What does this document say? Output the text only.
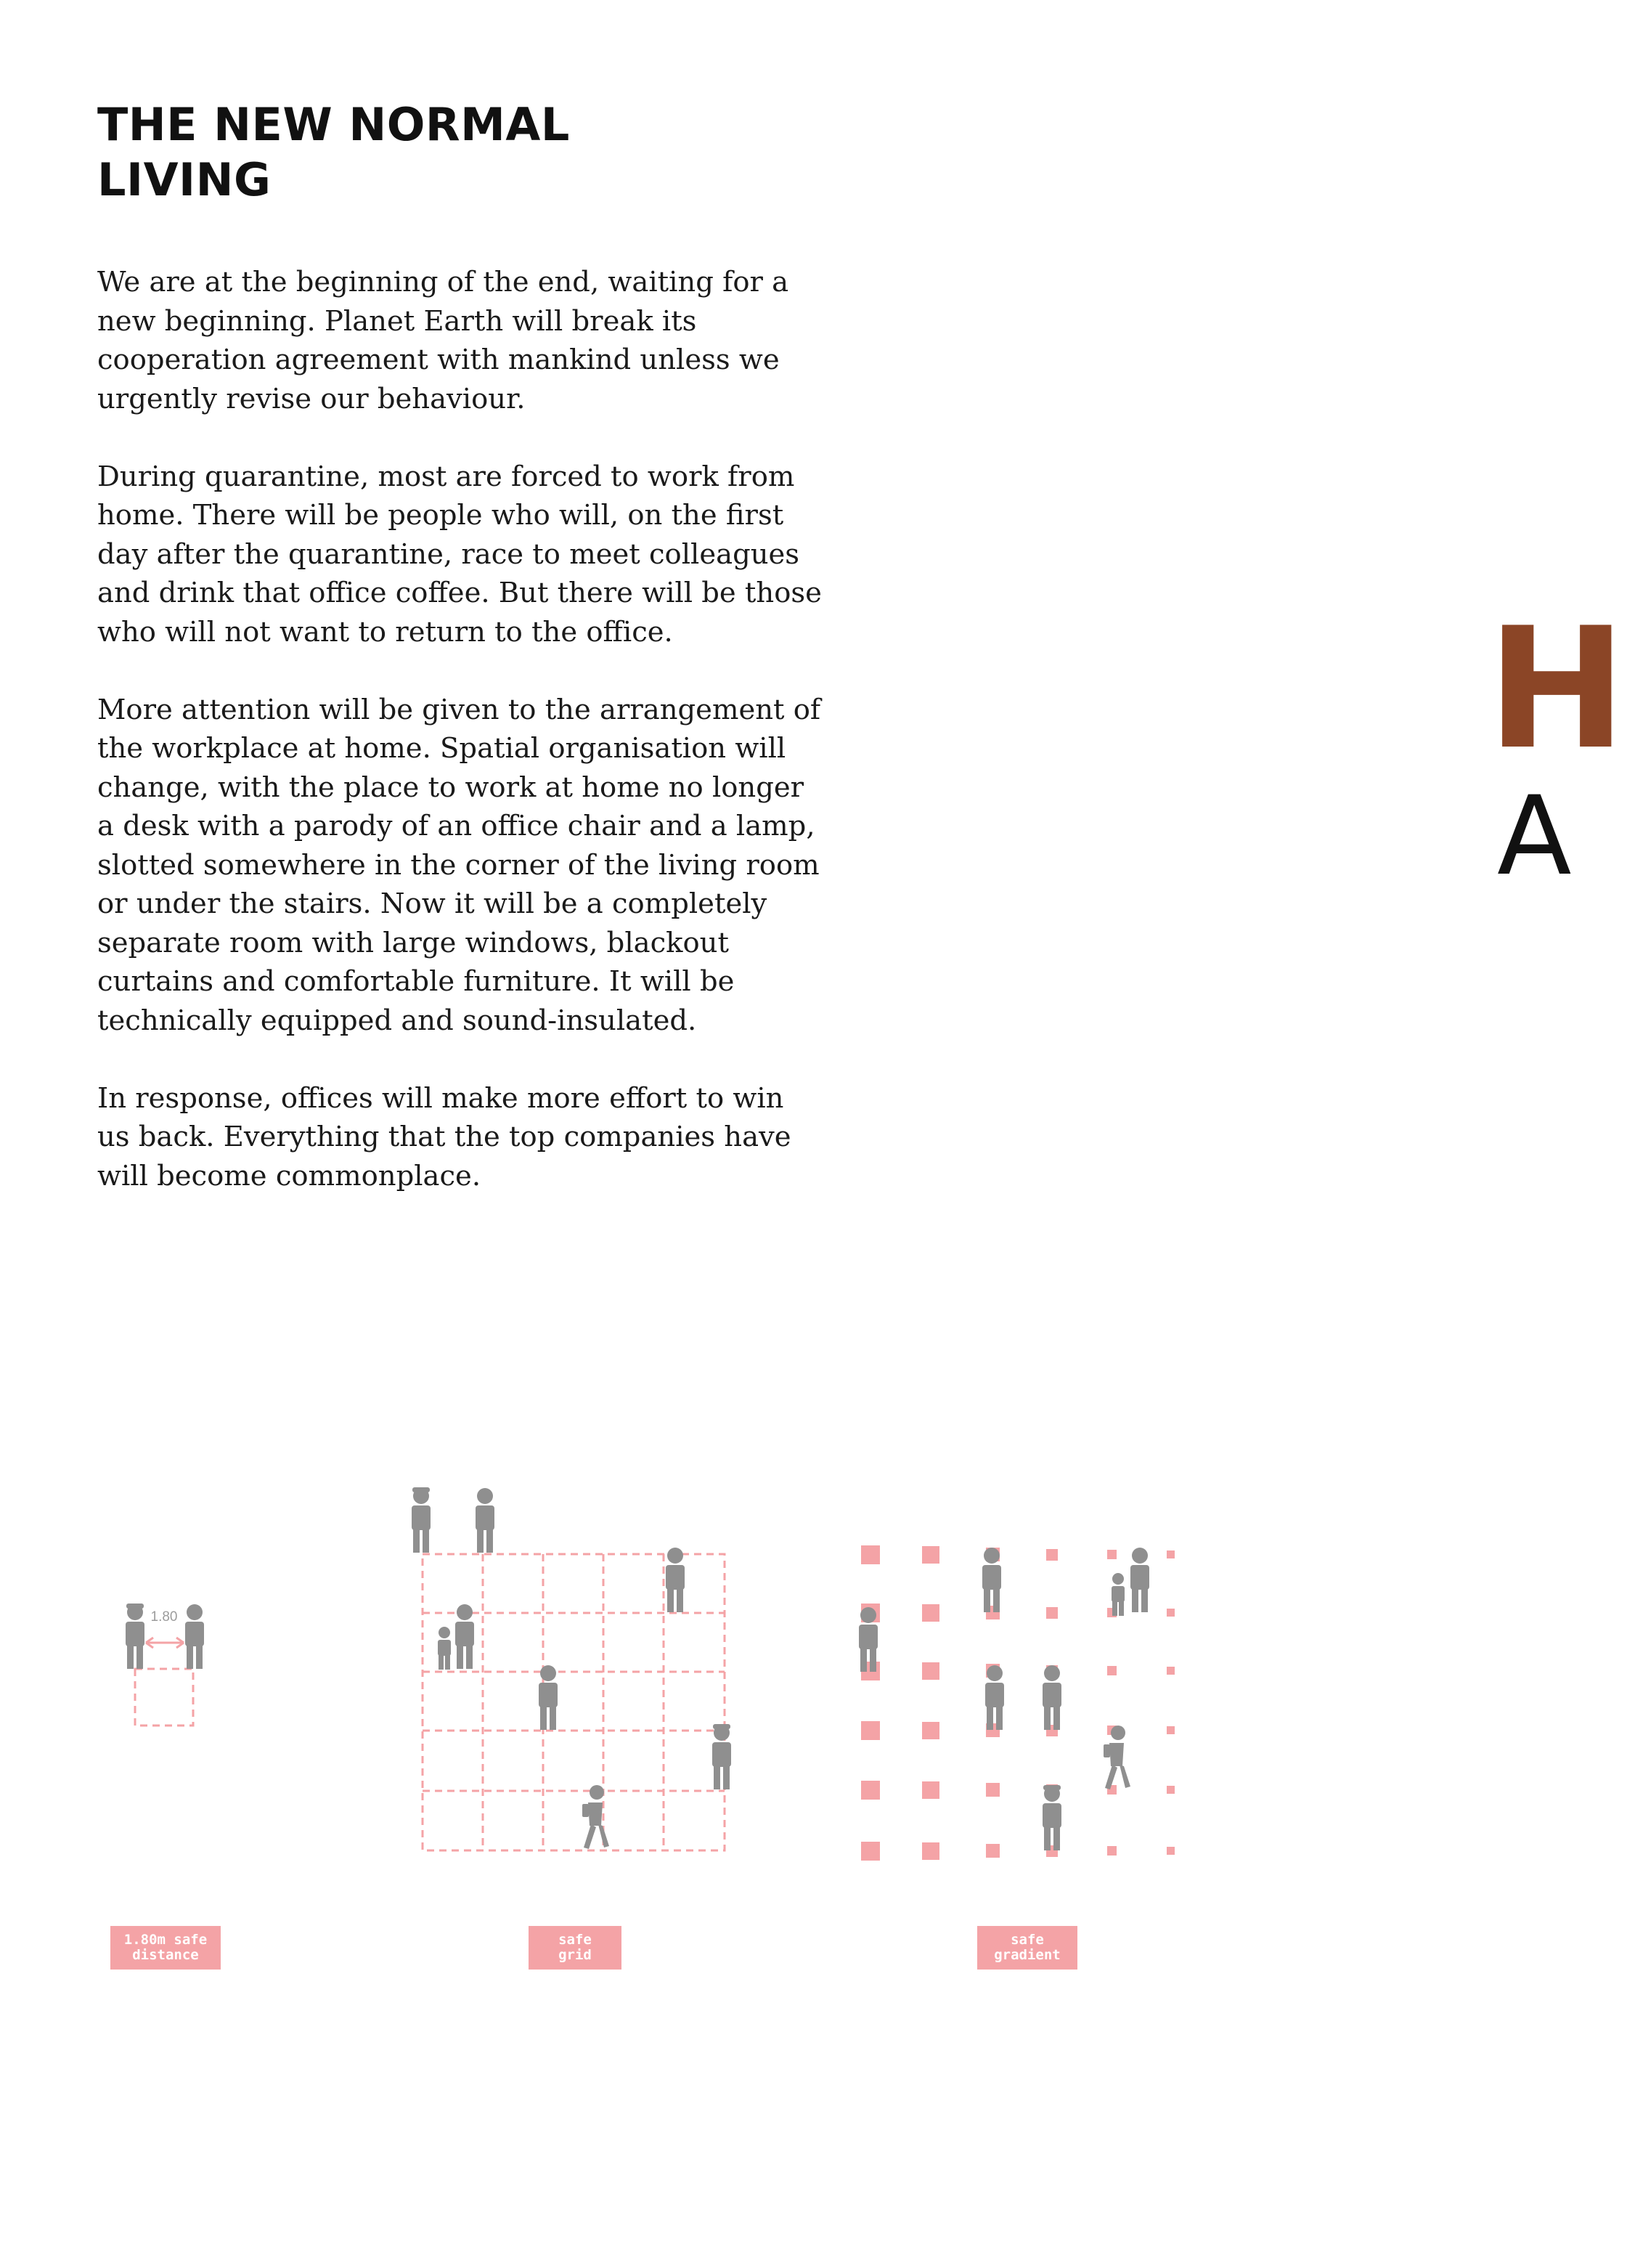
THE NEW NORMAL
LIVING

We are at the beginning of the end, waiting for a new beginning. Planet Earth will break its cooperation agreement with mankind unless we urgently revise our behaviour.

During quarantine, most are forced to work from home. There will be people who will, on the first day after the quarantine, race to meet colleagues and drink that office coffee. But there will be those who will not want to return to the office.

More attention will be given to the arrangement of the workplace at home. Spatial organisation will change, with the place to work at home no longer a desk with a parody of an office chair and a lamp, slotted somewhere in the corner of the living room or under the stairs. Now it will be a completely separate room with large windows, blackout curtains and comfortable furniture. It will be technically equipped and sound-insulated.

In response, offices will make more effort to win us back. Everything that the top companies have will become commonplace.

H
A
1.80
1.80m safe
distance
safe
grid
safe
gradient
